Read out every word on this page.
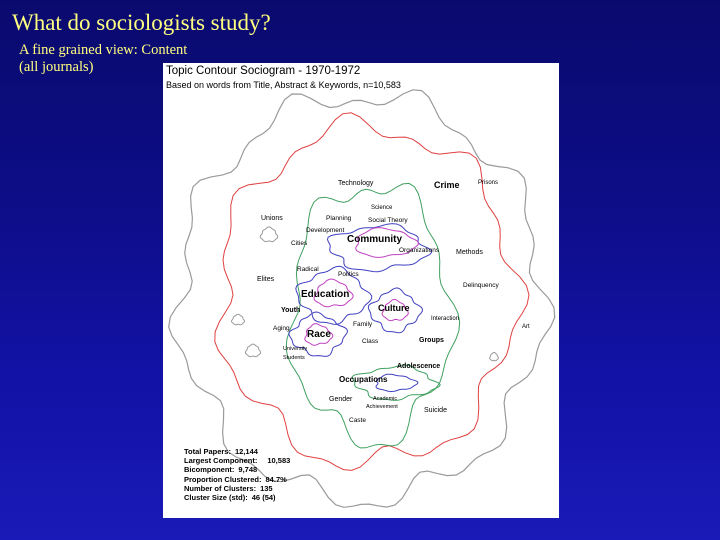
What do sociologists study?
A fine grained view: Content
(all journals)
Technology	Crime	Prisons
Science
Unions	Planning	Social Theory
Development
Community
Cities
Organizations Methods
Radical
Elites
Politics
Delinquency
Education
Youth	Culture
Interaction
Art
Family
Aging
Race
Class	Groups
University
Students
Adolescence
Occupations
Gender	Academic
Achievement	Suicide
Caste
Topic Contour Sociogram - 1970-1972
Based on words from Title, Abstract & Keywords, n=10,583
Total Papers: 12,144
Largest Component: 10,583
Bicomponent: 9,748
Proportion Clustered: 84.7%
Number of Clusters: 135
Cluster Size (std): 46 (54)
